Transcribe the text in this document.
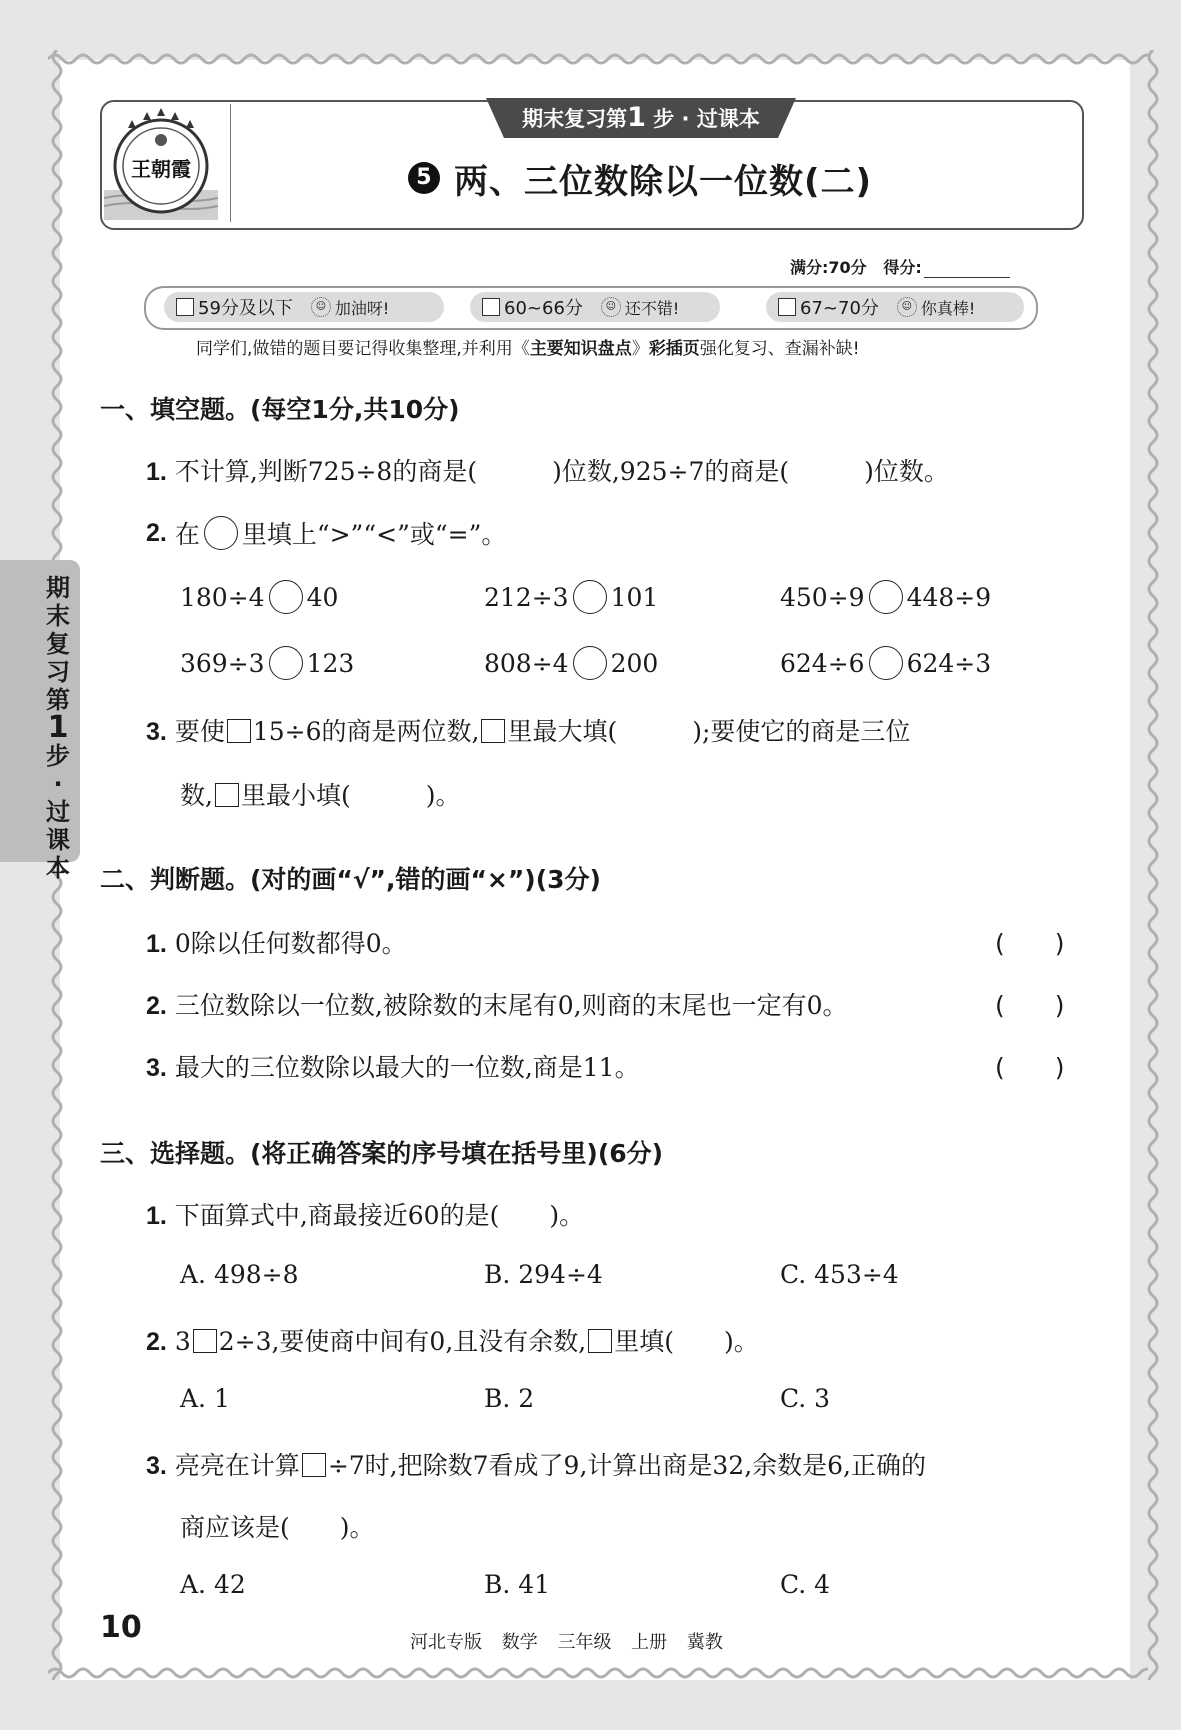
王朝霞
期末复习第1 步 · 过课本
5 两、三位数除以一位数(二)
满分:70分 得分:
59分及以下	☺ 加油呀!	60~66分	☺ 还不错!	67~70分	☺ 你真棒!
同学们,做错的题目要记得收集整理,并利用《主要知识盘点》彩插页强化复习、查漏补缺!
一、填空题。(每空1分,共10分)
1. 不计算,判断725÷8的商是(　　　)位数,925÷7的商是(　　　)位数。
2.
在 里填上“>”“<”或“=”。
180÷4 40	212÷3 101	450÷9 448÷9
369÷3 123	808÷4 200	624÷6 624÷3
3. 要使 15÷6的商是两位数, 里最大填(　　　);要使它的商是三位
数, 里最小填(　　　)。
二、判断题。(对的画“√”,错的画“×”)(3分)
1. 0除以任何数都得0。	(　　)
2. 三位数除以一位数,被除数的末尾有0,则商的末尾也一定有0。	(　　)
3. 最大的三位数除以最大的一位数,商是11。	(　　)
三、选择题。(将正确答案的序号填在括号里)(6分)
1. 下面算式中,商最接近60的是(　　)。
A. 498÷8	B. 294÷4	C. 453÷4
2. 3 2÷3,要使商中间有0,且没有余数, 里填(　　)。
A. 1	B. 2	C. 3
3. 亮亮在计算 ÷7时,把除数7看成了9,计算出商是32,余数是6,正确的
商应该是(　　)。
A. 42	B. 41	C. 4
期
末
复
习
第
1
步
·
过
课
本
10	河北专版 数学 三年级 上册 冀教
